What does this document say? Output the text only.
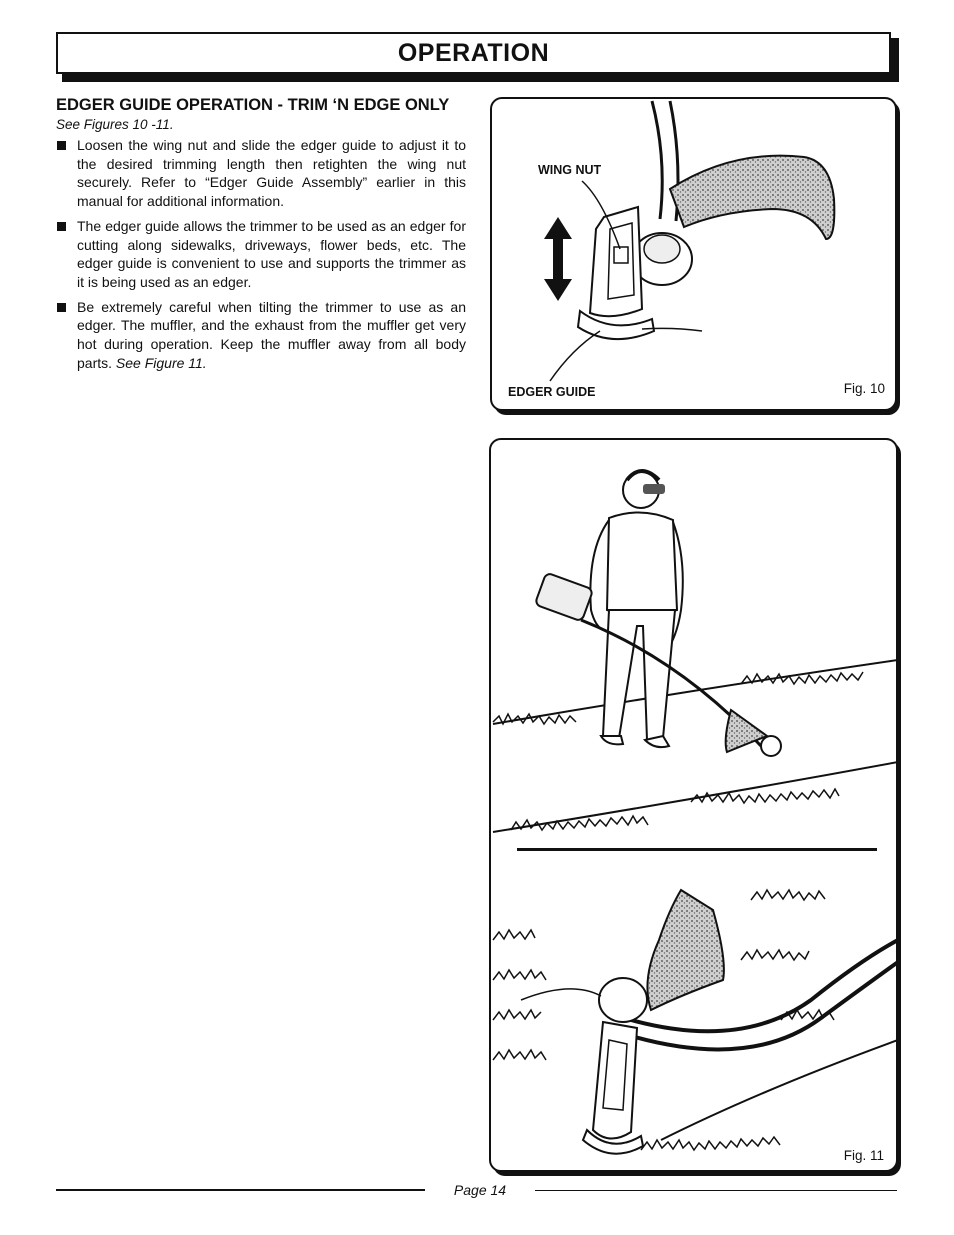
OPERATION
EDGER GUIDE OPERATION - TRIM ‘N EDGE ONLY
See Figures 10 -11.
Loosen the wing nut and slide the edger guide to adjust it to the desired trimming length then retighten the wing nut securely. Refer to “Edger Guide Assembly” earlier in this manual for additional information.
The edger guide allows the trimmer to be used as an edger for cutting along sidewalks, driveways, flower beds, etc. The edger guide is convenient to use and supports the trimmer as it is being used as an edger.
Be extremely careful when tilting the trimmer to use as an edger. The muffler, and the exhaust from the muffler get very hot during operation. Keep the muffler away from all body parts. See Figure 11.
WING NUT
EDGER GUIDE	Fig. 10
Fig. 11
Page 14
